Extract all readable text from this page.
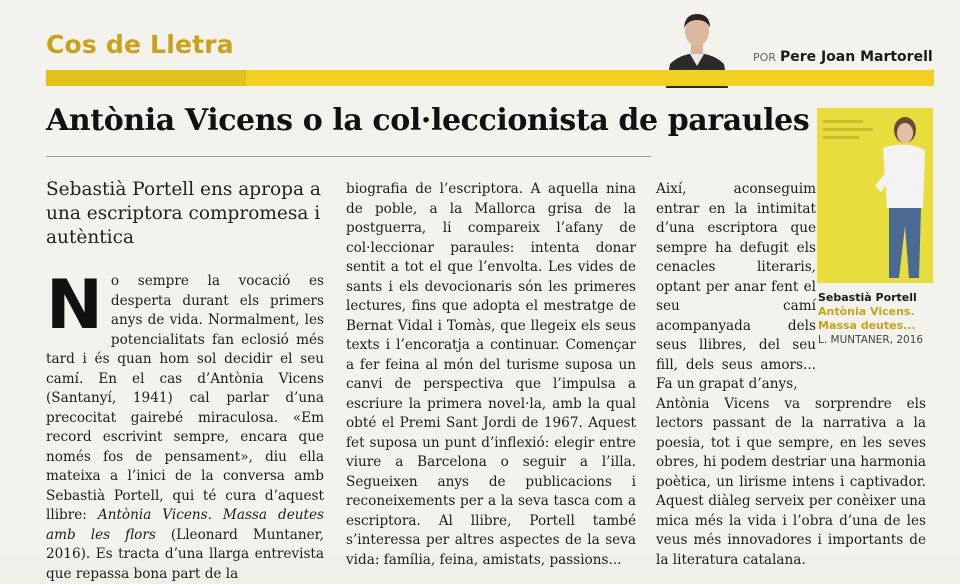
Cos de Lletra	POR Pere Joan Martorell
Antònia Vicens o la col·leccionista de paraules

Sebastià Portell ens apropa a una escriptora compromesa i autèntica

N o sempre la vocació es desperta durant els primers anys de vida. Normalment, les potencialitats fan eclosió més tard i és quan hom sol decidir el seu camí. En el cas d’Antònia Vicens (Santanyí, 1941) cal parlar d’una precocitat gairebé miraculosa. «Em record escrivint sempre, encara que només fos de pensament», diu ella mateixa a l’inici de la conversa amb Sebastià Portell, qui té cura d’aquest llibre: Antònia Vicens. Massa deutes amb les flors (Lleonard Muntaner, 2016). Es tracta d’una llarga entrevista que repassa bona part de la

biografia de l’escriptora. A aquella nina de poble, a la Mallorca grisa de la postguerra, li compareix l’afany de col·leccionar paraules: intenta donar sentit a tot el que l’envolta. Les vides de sants i els devocionaris són les primeres lectures, fins que adopta el mestratge de Bernat Vidal i Tomàs, que llegeix els seus texts i l’encoratja a continuar. Començar a fer feina al món del turisme suposa un canvi de perspectiva que l’impulsa a escriure la primera novel·la, amb la qual obté el Premi Sant Jordi de 1967. Aquest fet suposa un punt d’inflexió: elegir entre viure a Barcelona o seguir a l’illa. Segueixen anys de publicacions i reconeixements per a la seva tasca com a escriptora. Al llibre, Portell també s’interessa per altres aspectes de la seva vida: família, feina, amistats, passions...

Així, aconseguim entrar en la intimitat d’una escriptora que sempre ha defugit els cenacles literaris, optant per anar fent el seu camí acompanyada dels seus llibres, del seu fill, dels seus amors... Fa un grapat d’anys,
Antònia Vicens va sorprendre els lectors passant de la narrativa a la poesia, tot i que sempre, en les seves obres, hi podem destriar una harmonia poètica, un lirisme intens i captivador. Aquest diàleg serveix per conèixer una mica més la vida i l’obra d’una de les veus més innovadores i importants de la literatura catalana.
Sebastià Portell
Antònia Vicens. Massa deutes...
L. MUNTANER, 2016
